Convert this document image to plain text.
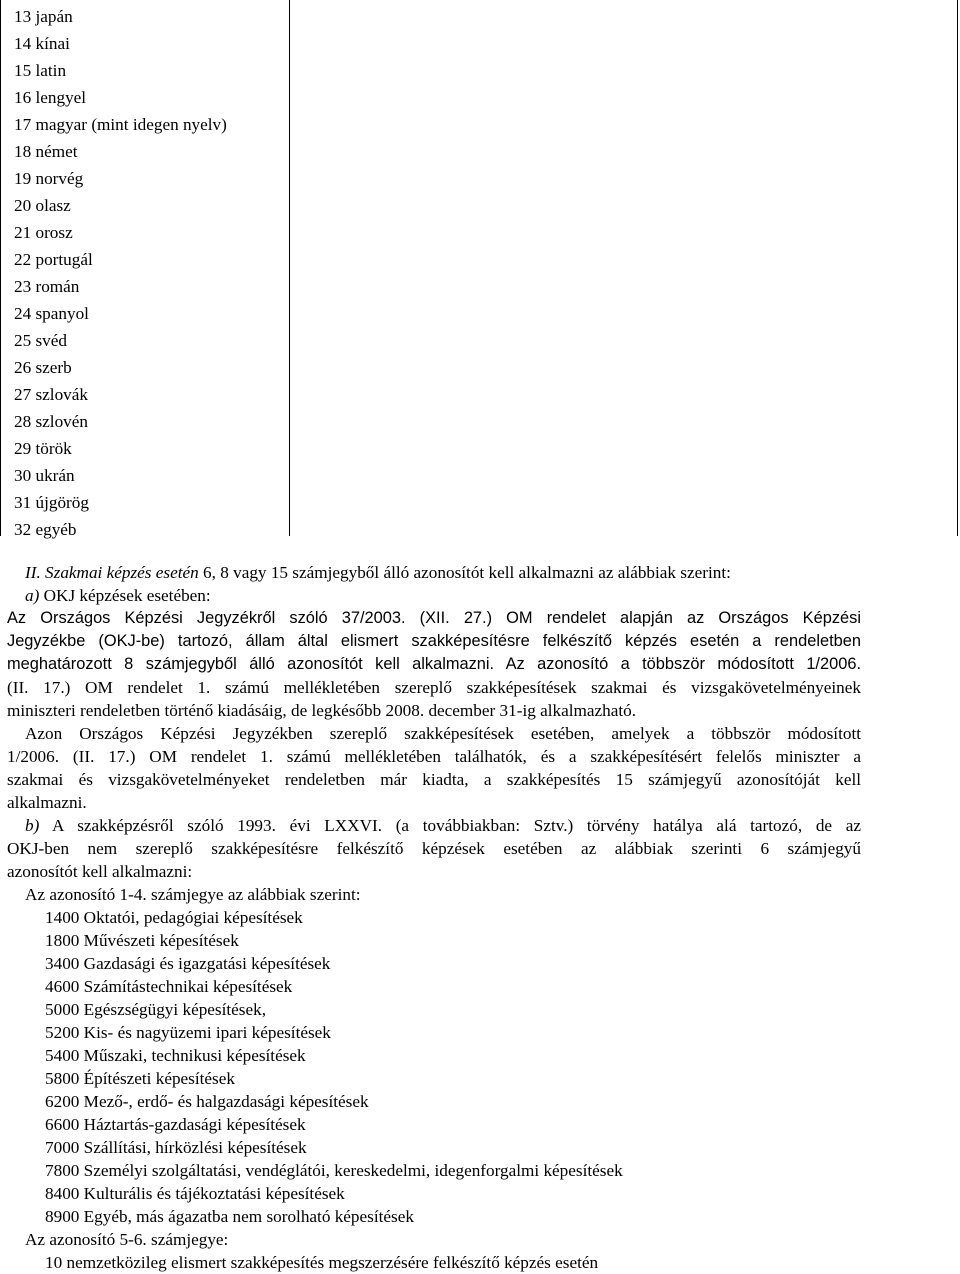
13 japán
14 kínai
15 latin
16 lengyel
17 magyar (mint idegen nyelv)
18 német
19 norvég
20 olasz
21 orosz
22 portugál
23 román
24 spanyol
25 svéd
26 szerb
27 szlovák
28 szlovén
29 török
30 ukrán
31 újgörög
32 egyéb
II. Szakmai képzés esetén 6, 8 vagy 15 számjegyből álló azonosítót kell alkalmazni az alábbiak szerint:
a) OKJ képzések esetében:
Az Országos Képzési Jegyzékről szóló 37/2003. (XII. 27.) OM rendelet alapján az Országos Képzési
Jegyzékbe (OKJ-be) tartozó, állam által elismert szakképesítésre felkészítő képzés esetén a rendeletben
meghatározott 8 számjegyből álló azonosítót kell alkalmazni. Az azonosító a többször módosított 1/2006.
(II. 17.) OM rendelet 1. számú mellékletében szereplő szakképesítések szakmai és vizsgakövetelményeinek
miniszteri rendeletben történő kiadásáig, de legkésőbb 2008. december 31-ig alkalmazható.
Azon Országos Képzési Jegyzékben szereplő szakképesítések esetében, amelyek a többször módosított
1/2006. (II. 17.) OM rendelet 1. számú mellékletében találhatók, és a szakképesítésért felelős miniszter a
szakmai és vizsgakövetelményeket rendeletben már kiadta, a szakképesítés 15 számjegyű azonosítóját kell
alkalmazni.
b) A szakképzésről szóló 1993. évi LXXVI. (a továbbiakban: Sztv.) törvény hatálya alá tartozó, de az
OKJ-ben nem szereplő szakképesítésre felkészítő képzések esetében az alábbiak szerinti 6 számjegyű
azonosítót kell alkalmazni:
Az azonosító 1-4. számjegye az alábbiak szerint:
1400 Oktatói, pedagógiai képesítések
1800 Művészeti képesítések
3400 Gazdasági és igazgatási képesítések
4600 Számítástechnikai képesítések
5000 Egészségügyi képesítések,
5200 Kis- és nagyüzemi ipari képesítések
5400 Műszaki, technikusi képesítések
5800 Építészeti képesítések
6200 Mező-, erdő- és halgazdasági képesítések
6600 Háztartás-gazdasági képesítések
7000 Szállítási, hírközlési képesítések
7800 Személyi szolgáltatási, vendéglátói, kereskedelmi, idegenforgalmi képesítések
8400 Kulturális és tájékoztatási képesítések
8900 Egyéb, más ágazatba nem sorolható képesítések
Az azonosító 5-6. számjegye:
10 nemzetközileg elismert szakképesítés megszerzésére felkészítő képzés esetén
